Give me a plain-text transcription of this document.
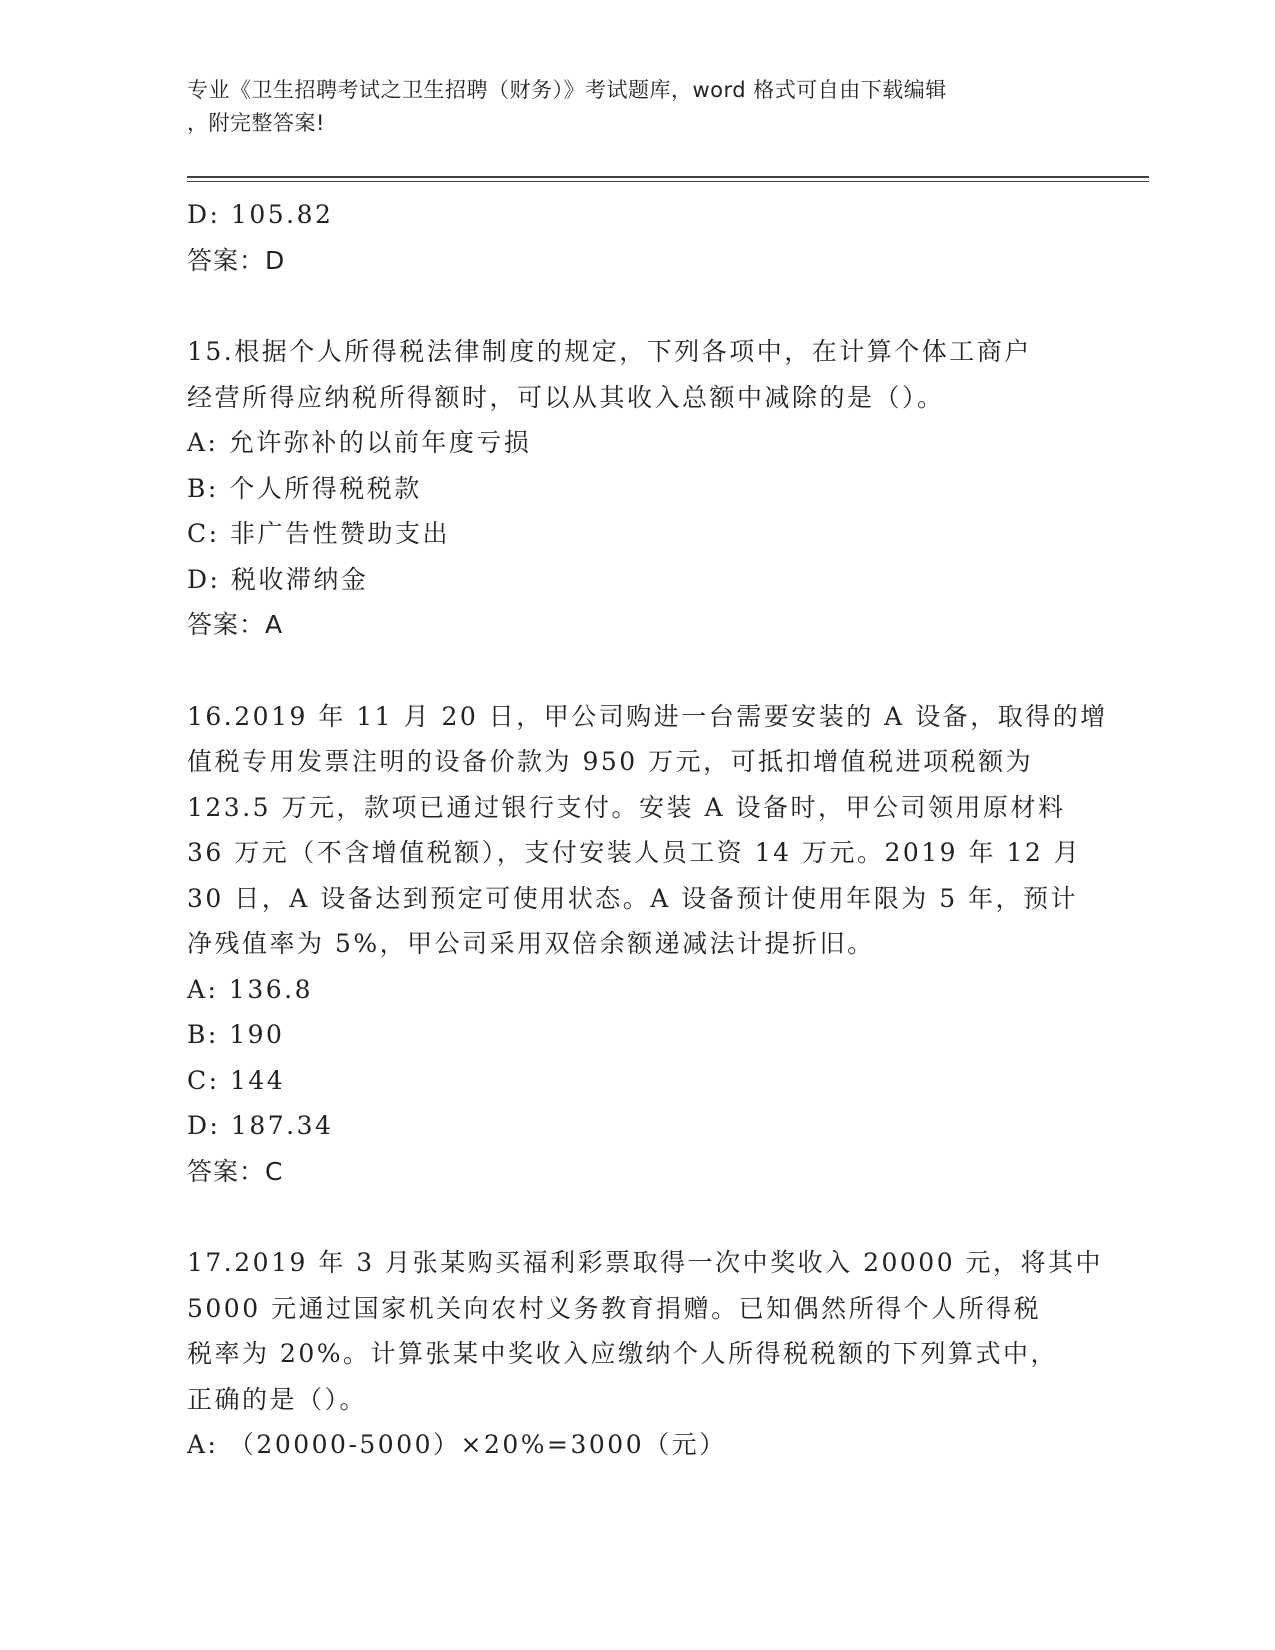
专业《卫生招聘考试之卫生招聘（财务）》考试题库，word 格式可自由下载编辑
，附完整答案!
D: 105.82
答案：D
15.根据个人所得税法律制度的规定，下列各项中，在计算个体工商户
经营所得应纳税所得额时，可以从其收入总额中减除的是（）。
A: 允许弥补的以前年度亏损
B: 个人所得税税款
C: 非广告性赞助支出
D: 税收滞纳金
答案：A
16.2019 年 11 月 20 日，甲公司购进一台需要安装的 A 设备，取得的增
值税专用发票注明的设备价款为 950 万元，可抵扣增值税进项税额为
123.5 万元，款项已通过银行支付。安装 A 设备时，甲公司领用原材料
36 万元（不含增值税额），支付安装人员工资 14 万元。2019 年 12 月
30 日，A 设备达到预定可使用状态。A 设备预计使用年限为 5 年，预计
净残值率为 5%，甲公司采用双倍余额递减法计提折旧。
A: 136.8
B: 190
C: 144
D: 187.34
答案：C
17.2019 年 3 月张某购买福利彩票取得一次中奖收入 20000 元，将其中
5000 元通过国家机关向农村义务教育捐赠。已知偶然所得个人所得税
税率为 20%。计算张某中奖收入应缴纳个人所得税税额的下列算式中，
正确的是（）。
A: （20000-5000）×20%=3000（元）
